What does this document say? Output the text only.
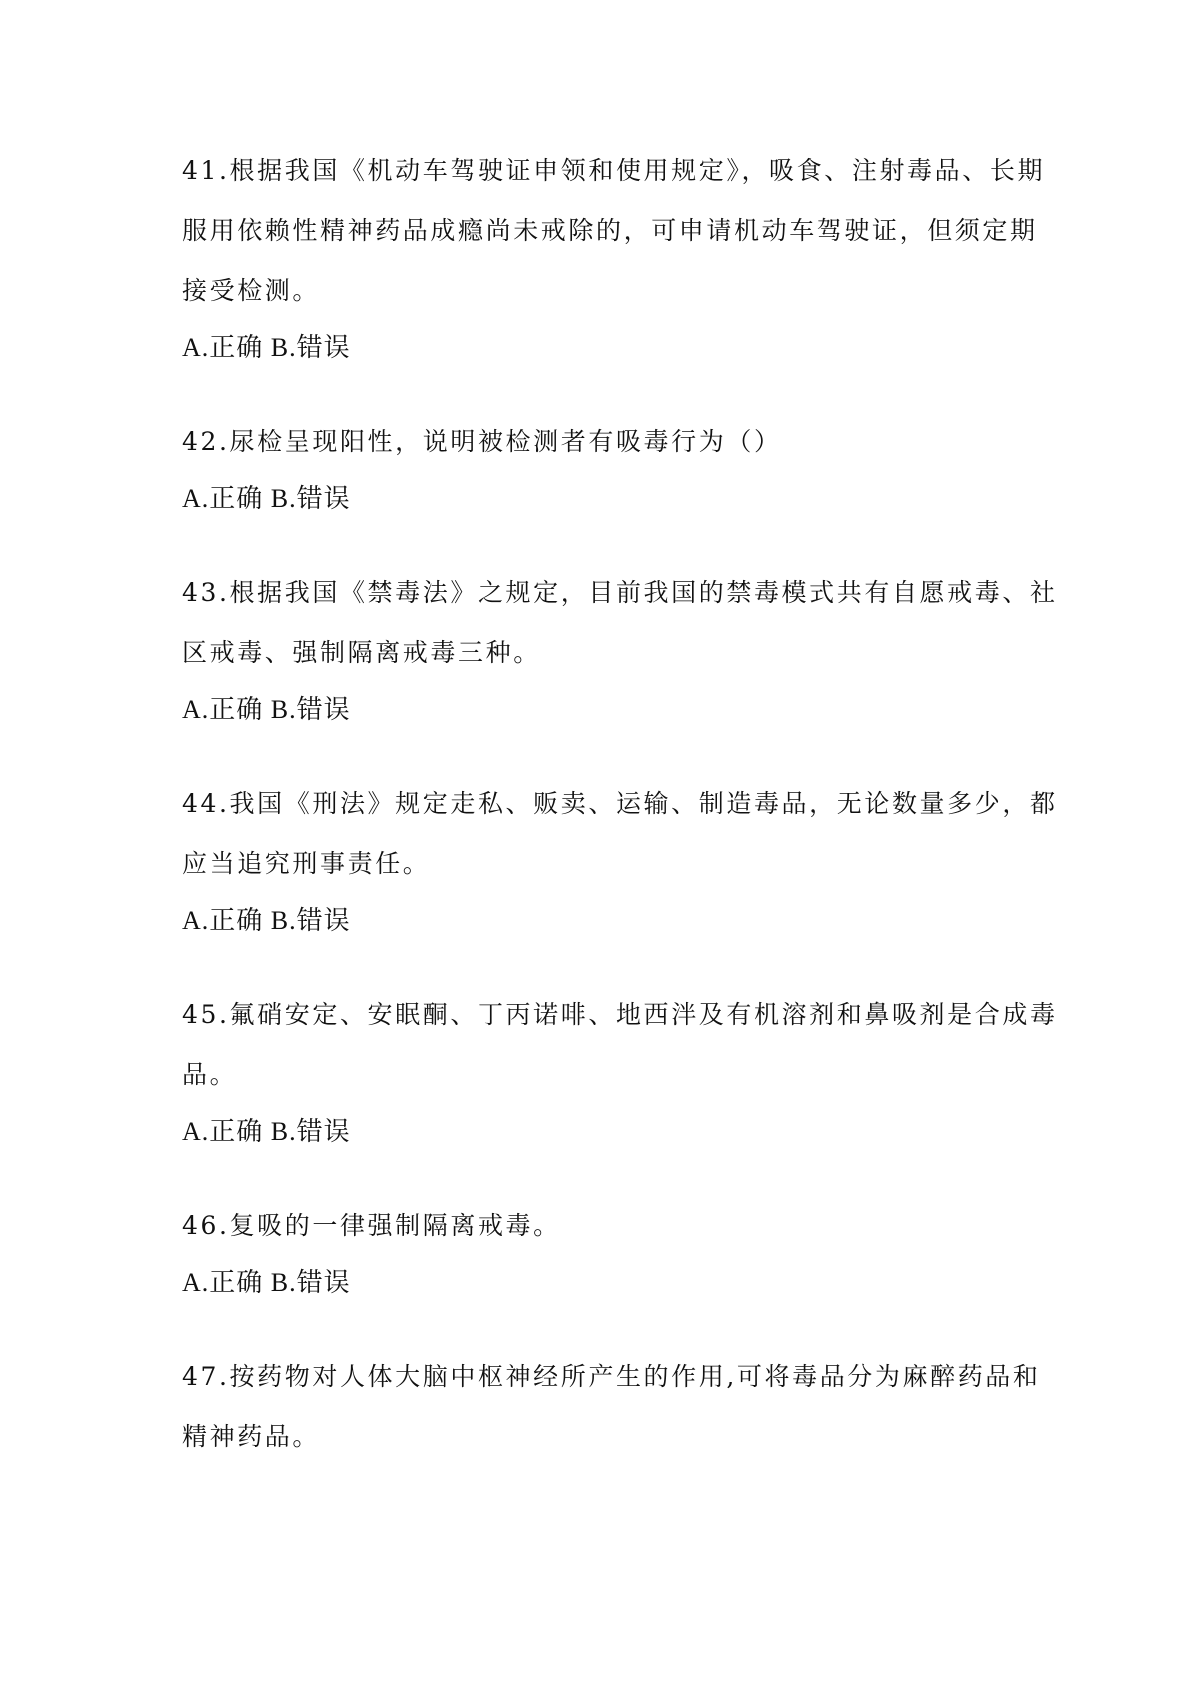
41.根据我国《机动车驾驶证申领和使用规定》，吸食、注射毒品、长期
服用依赖性精神药品成瘾尚未戒除的，可申请机动车驾驶证，但须定期
接受检测。
A.正确 B.错误
42.尿检呈现阳性，说明被检测者有吸毒行为（）
A.正确 B.错误
43.根据我国《禁毒法》之规定，目前我国的禁毒模式共有自愿戒毒、社
区戒毒、强制隔离戒毒三种。
A.正确 B.错误
44.我国《刑法》规定走私、贩卖、运输、制造毒品，无论数量多少，都
应当追究刑事责任。
A.正确 B.错误
45.氟硝安定、安眠酮、丁丙诺啡、地西泮及有机溶剂和鼻吸剂是合成毒
品。
A.正确 B.错误
46.复吸的一律强制隔离戒毒。
A.正确 B.错误
47.按药物对人体大脑中枢神经所产生的作用,可将毒品分为麻醉药品和
精神药品。
